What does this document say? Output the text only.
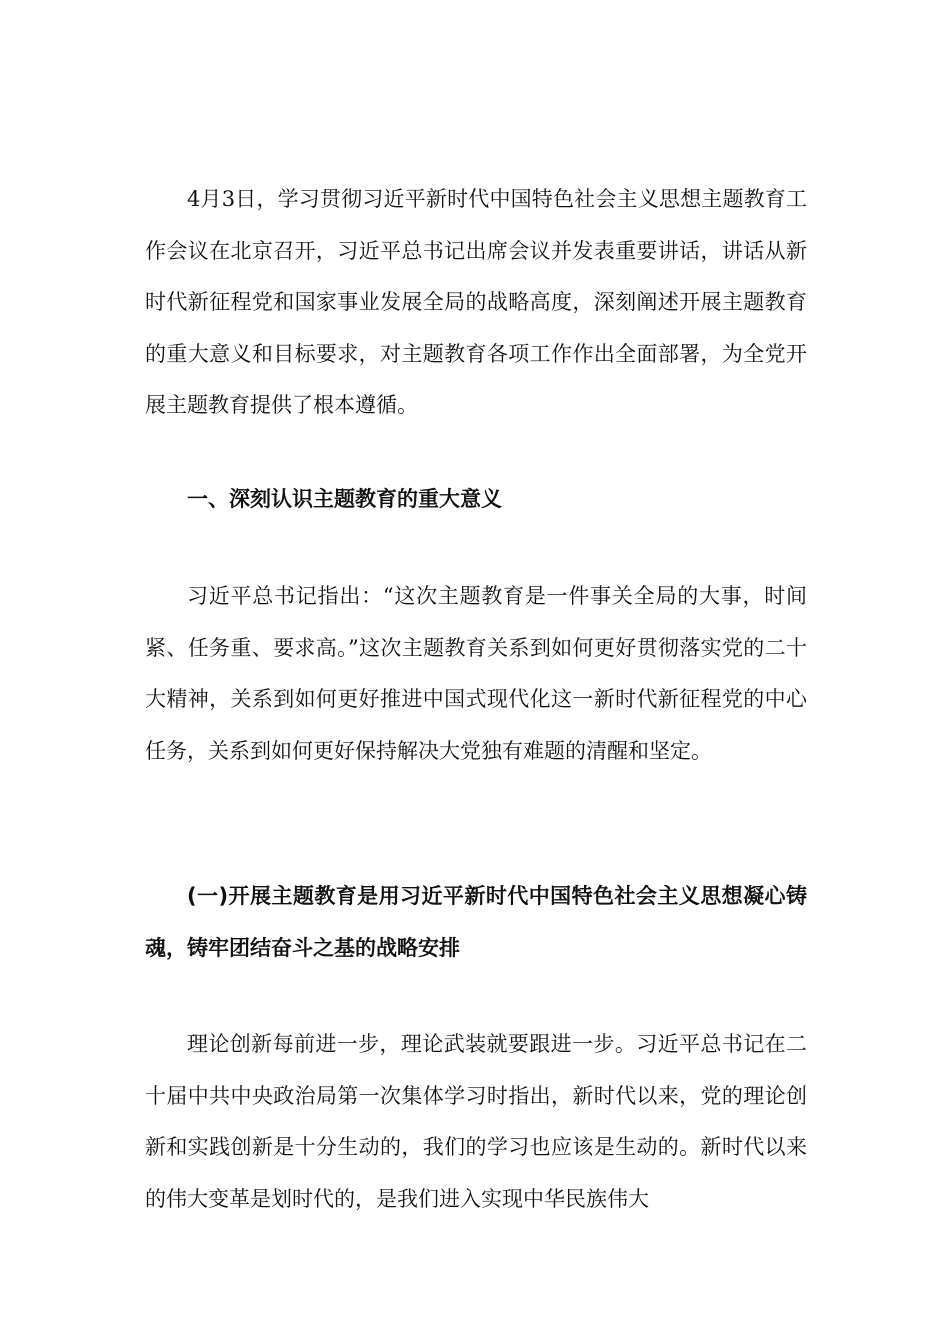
4月3日，学习贯彻习近平新时代中国特色社会主义思想主题教育工作会议在北京召开，习近平总书记出席会议并发表重要讲话，讲话从新时代新征程党和国家事业发展全局的战略高度，深刻阐述开展主题教育的重大意义和目标要求，对主题教育各项工作作出全面部署，为全党开展主题教育提供了根本遵循。

一、深刻认识主题教育的重大意义

习近平总书记指出：“这次主题教育是一件事关全局的大事，时间紧、任务重、要求高。”这次主题教育关系到如何更好贯彻落实党的二十大精神，关系到如何更好推进中国式现代化这一新时代新征程党的中心任务，关系到如何更好保持解决大党独有难题的清醒和坚定。

(一)开展主题教育是用习近平新时代中国特色社会主义思想凝心铸魂，铸牢团结奋斗之基的战略安排

理论创新每前进一步，理论武装就要跟进一步。习近平总书记在二十届中共中央政治局第一次集体学习时指出，新时代以来，党的理论创新和实践创新是十分生动的，我们的学习也应该是生动的。新时代以来的伟大变革是划时代的，是我们进入实现中华民族伟大
